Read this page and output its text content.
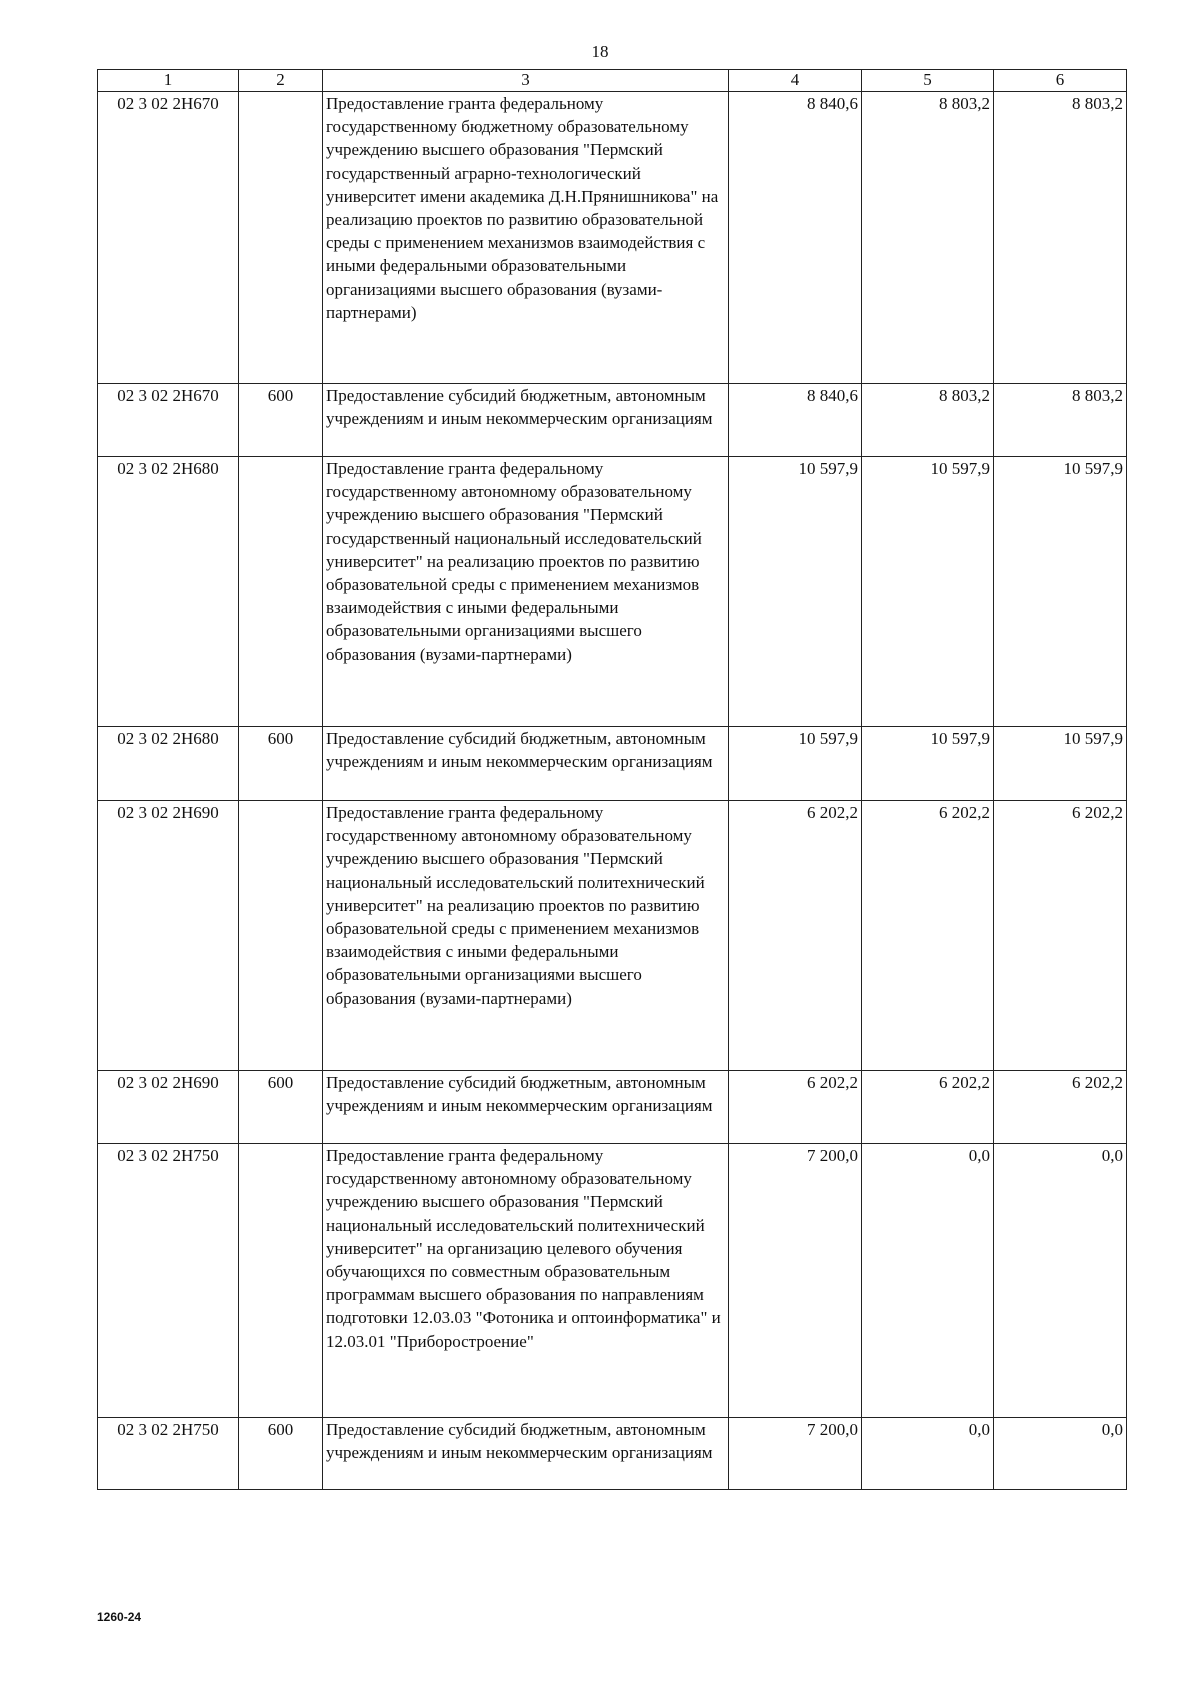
18
1	2	3	4	5	6
02 3 02 2Н670		Предоставление гранта федеральному государственному бюджетному образовательному учреждению высшего образования "Пермский государственный аграрно-технологический университет имени академика Д.Н.Прянишникова" на реализацию проектов по развитию образовательной среды с применением механизмов взаимодействия с иными федеральными образовательными организациями высшего образования (вузами-партнерами)	8 840,6	8 803,2	8 803,2
02 3 02 2Н670	600	Предоставление субсидий бюджетным, автономным учреждениям и иным некоммерческим организациям	8 840,6	8 803,2	8 803,2
02 3 02 2Н680		Предоставление гранта федеральному государственному автономному образовательному учреждению высшего образования "Пермский государственный национальный исследовательский университет" на реализацию проектов по развитию образовательной среды с применением механизмов взаимодействия с иными федеральными образовательными организациями высшего образования (вузами-партнерами)	10 597,9	10 597,9	10 597,9
02 3 02 2Н680	600	Предоставление субсидий бюджетным, автономным учреждениям и иным некоммерческим организациям	10 597,9	10 597,9	10 597,9
02 3 02 2Н690		Предоставление гранта федеральному государственному автономному образовательному учреждению высшего образования "Пермский национальный исследовательский политехнический университет" на реализацию проектов по развитию образовательной среды с применением механизмов взаимодействия с иными федеральными образовательными организациями высшего образования (вузами-партнерами)	6 202,2	6 202,2	6 202,2
02 3 02 2Н690	600	Предоставление субсидий бюджетным, автономным учреждениям и иным некоммерческим организациям	6 202,2	6 202,2	6 202,2
02 3 02 2Н750		Предоставление гранта федеральному государственному автономному образовательному учреждению высшего образования "Пермский национальный исследовательский политехнический университет" на организацию целевого обучения обучающихся по совместным образовательным программам высшего образования по направлениям подготовки 12.03.03 "Фотоника и оптоинформатика" и 12.03.01 "Приборостроение"	7 200,0	0,0	0,0
02 3 02 2Н750	600	Предоставление субсидий бюджетным, автономным учреждениям и иным некоммерческим организациям	7 200,0	0,0	0,0
1260-24
